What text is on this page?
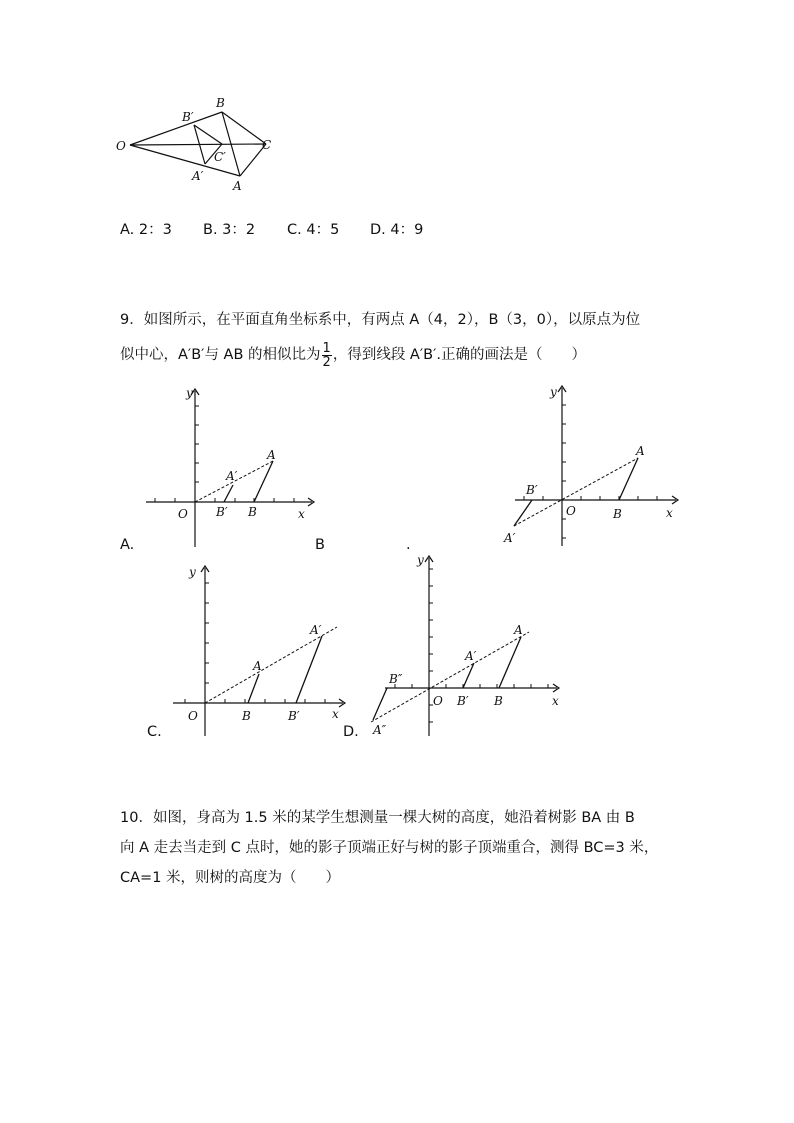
O
B
C
A
B′
C′
A′
A. 2：3 B. 3：2 C. 4：5 D. 4：9
9．如图所示，在平面直角坐标系中，有两点 A（4，2），B（3，0），以原点为位
似中心，A′B′与 AB 的相似比为 $\frac{1}{2}$ ，得到线段 A′B′.正确的画法是（　　）
y
x
O
A
B
A′
B′
A.	B	.
y
x
O
A
B
B′
A′
y
x
O
A
B
A′
B′
C.
y
x
O
A
B
A′
B′
B″
A″
D.
10．如图，身高为 1.5 米的某学生想测量一棵大树的高度，她沿着树影 BA 由 B
向 A 走去当走到 C 点时，她的影子顶端正好与树的影子顶端重合，测得 BC=3 米，
CA=1 米，则树的高度为（　　）
